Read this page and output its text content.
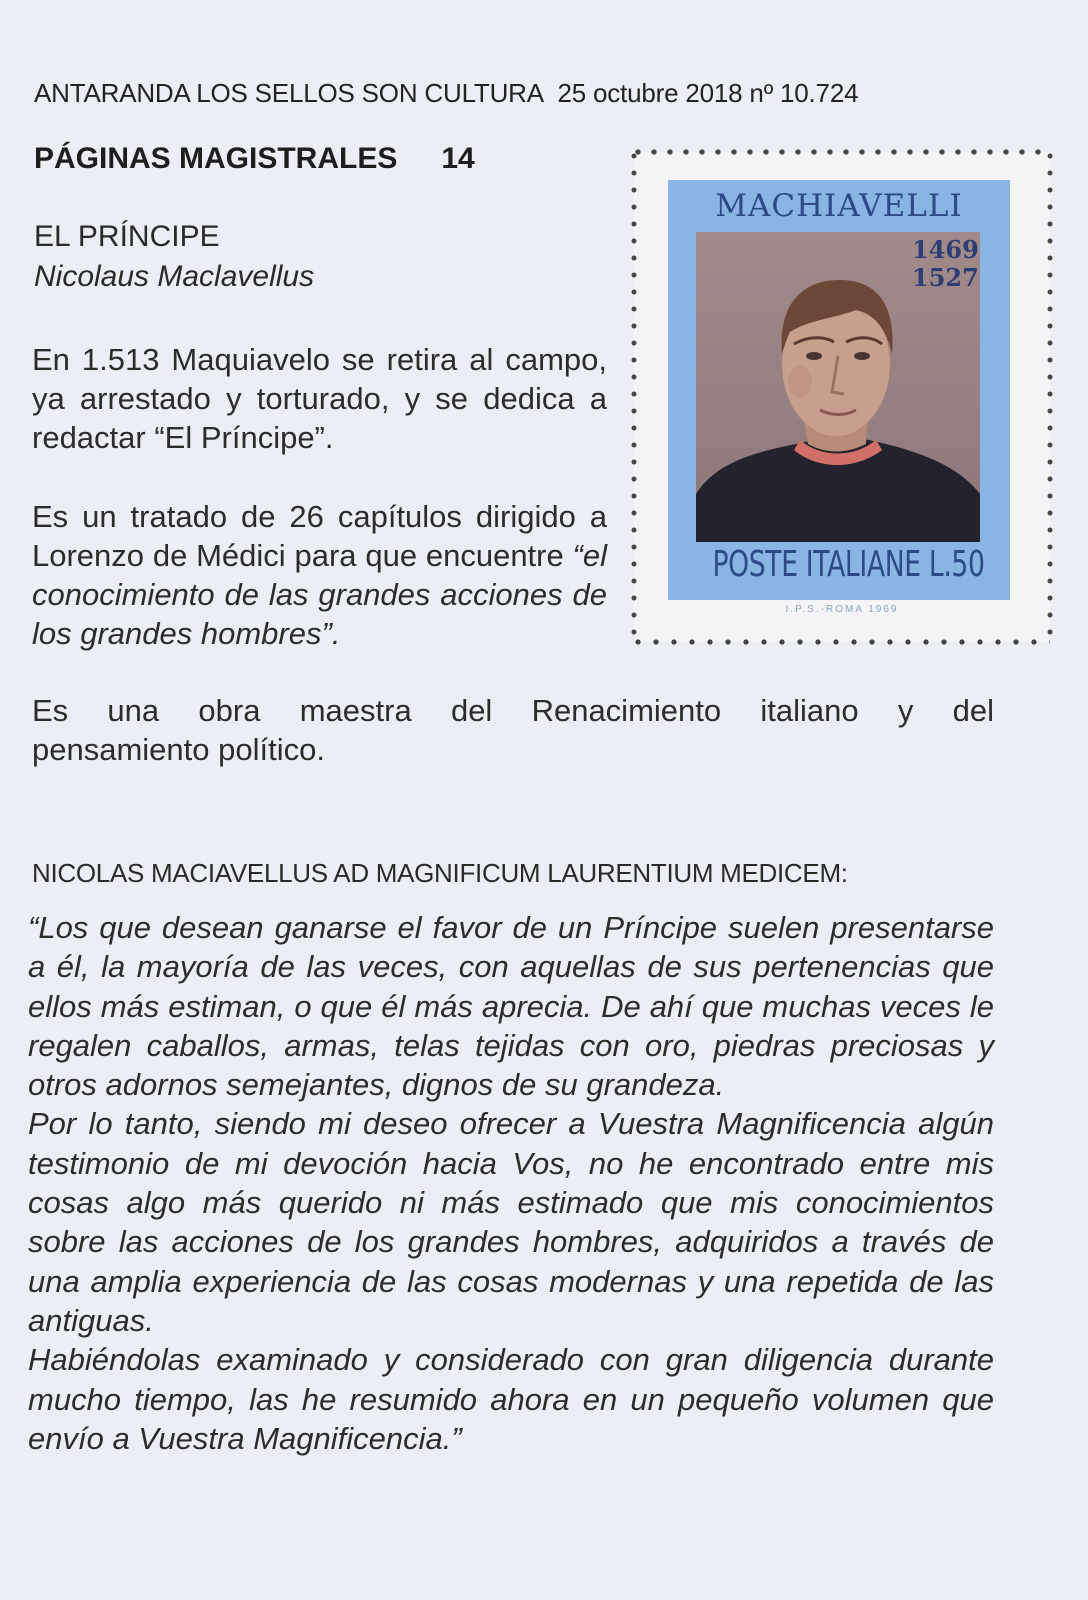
ANTARANDA LOS SELLOS SON CULTURA 25 octubre 2018 nº 10.724
PÁGINAS MAGISTRALES 14
EL PRÍNCIPE
Nicolaus Maclavellus
En 1.513 Maquiavelo se retira al campo, ya arrestado y torturado, y se dedica a redactar “El Príncipe”.
Es un tratado de 26 capítulos dirigido a Lorenzo de Médici para que encuentre “el conocimiento de las grandes acciones de los grandes hombres”.
Es una obra maestra del Renacimiento italiano y del
pensamiento político.
NICOLAS MACIAVELLUS AD MAGNIFICUM LAURENTIUM MEDICEM:
“Los que desean ganarse el favor de un Príncipe suelen presentarse a él, la mayoría de las veces, con aquellas de sus pertenencias que ellos más estiman, o que él más aprecia. De ahí que muchas veces le regalen caballos, armas, telas tejidas con oro, piedras preciosas y otros adornos semejantes, dignos de su grandeza.
Por lo tanto, siendo mi deseo ofrecer a Vuestra Magnificencia algún testimonio de mi devoción hacia Vos, no he encontrado entre mis cosas algo más querido ni más estimado que mis conocimientos sobre las acciones de los grandes hombres, adquiridos a través de una amplia experiencia de las cosas modernas y una repetida de las antiguas.
Habiéndolas examinado y considerado con gran diligencia durante mucho tiempo, las he resumido ahora en un pequeño volumen que envío a Vuestra Magnificencia.”
MACHIAVELLI
1469
1527
POSTE ITALIANE L.50
I.P.S.-ROMA 1969
